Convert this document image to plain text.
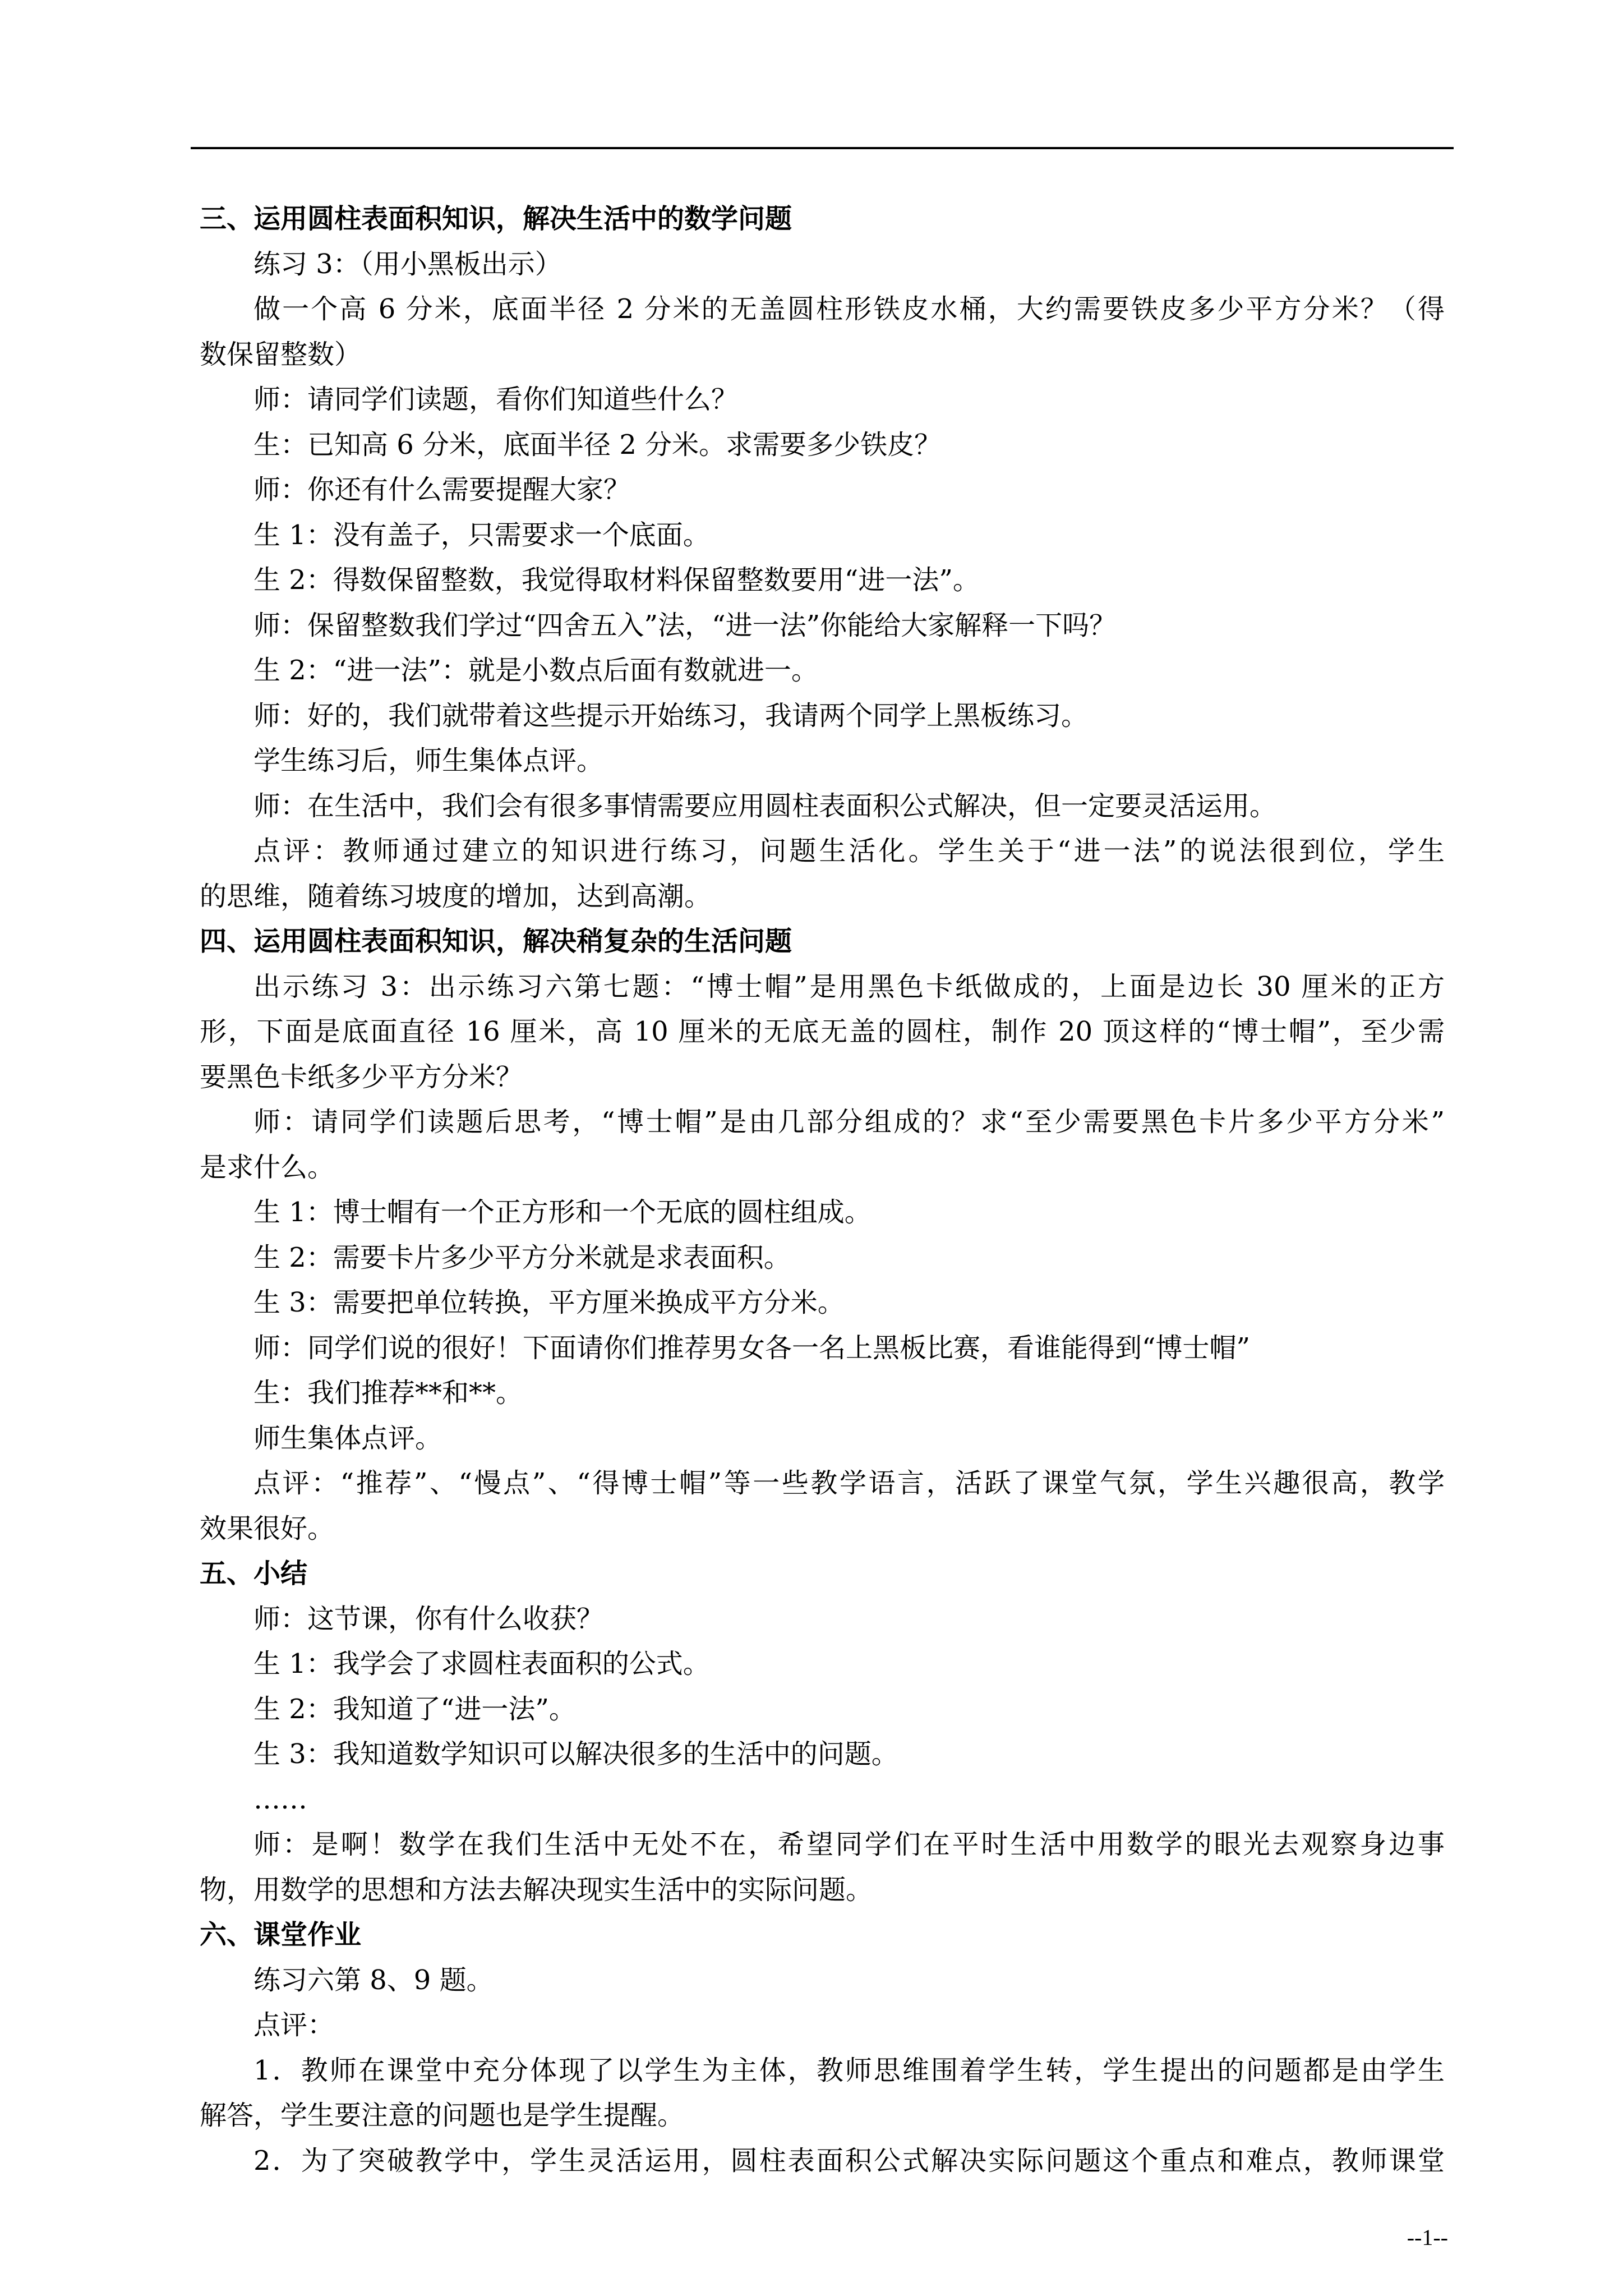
三、运用圆柱表面积知识，解决生活中的数学问题
练习 3：（用小黑板出示）
做一个高 6 分米，底面半径 2 分米的无盖圆柱形铁皮水桶，大约需要铁皮多少平方分米？（得
数保留整数）
师：请同学们读题，看你们知道些什么？
生：已知高 6 分米，底面半径 2 分米。求需要多少铁皮？
师：你还有什么需要提醒大家？
生 1：没有盖子，只需要求一个底面。
生 2：得数保留整数，我觉得取材料保留整数要用“进一法”。
师：保留整数我们学过“四舍五入”法，“进一法”你能给大家解释一下吗？
生 2：“进一法”：就是小数点后面有数就进一。
师：好的，我们就带着这些提示开始练习，我请两个同学上黑板练习。
学生练习后，师生集体点评。
师：在生活中，我们会有很多事情需要应用圆柱表面积公式解决，但一定要灵活运用。
点评：教师通过建立的知识进行练习，问题生活化。学生关于“进一法”的说法很到位，学生
的思维，随着练习坡度的增加，达到高潮。
四、运用圆柱表面积知识，解决稍复杂的生活问题
出示练习 3：出示练习六第七题：“博士帽”是用黑色卡纸做成的，上面是边长 30 厘米的正方
形，下面是底面直径 16 厘米，高 10 厘米的无底无盖的圆柱，制作 20 顶这样的“博士帽”，至少需
要黑色卡纸多少平方分米？
师：请同学们读题后思考，“博士帽”是由几部分组成的？求“至少需要黑色卡片多少平方分米”
是求什么。
生 1：博士帽有一个正方形和一个无底的圆柱组成。
生 2：需要卡片多少平方分米就是求表面积。
生 3：需要把单位转换，平方厘米换成平方分米。
师：同学们说的很好！下面请你们推荐男女各一名上黑板比赛，看谁能得到“博士帽”
生：我们推荐**和**。
师生集体点评。
点评：“推荐”、“慢点”、“得博士帽”等一些教学语言，活跃了课堂气氛，学生兴趣很高，教学
效果很好。
五、小结
师：这节课，你有什么收获？
生 1：我学会了求圆柱表面积的公式。
生 2：我知道了“进一法”。
生 3：我知道数学知识可以解决很多的生活中的问题。
……
师：是啊！数学在我们生活中无处不在，希望同学们在平时生活中用数学的眼光去观察身边事
物，用数学的思想和方法去解决现实生活中的实际问题。
六、课堂作业
练习六第 8、9 题。
点评：
1．教师在课堂中充分体现了以学生为主体，教师思维围着学生转，学生提出的问题都是由学生
解答，学生要注意的问题也是学生提醒。
2．为了突破教学中，学生灵活运用，圆柱表面积公式解决实际问题这个重点和难点，教师课堂
--1--
